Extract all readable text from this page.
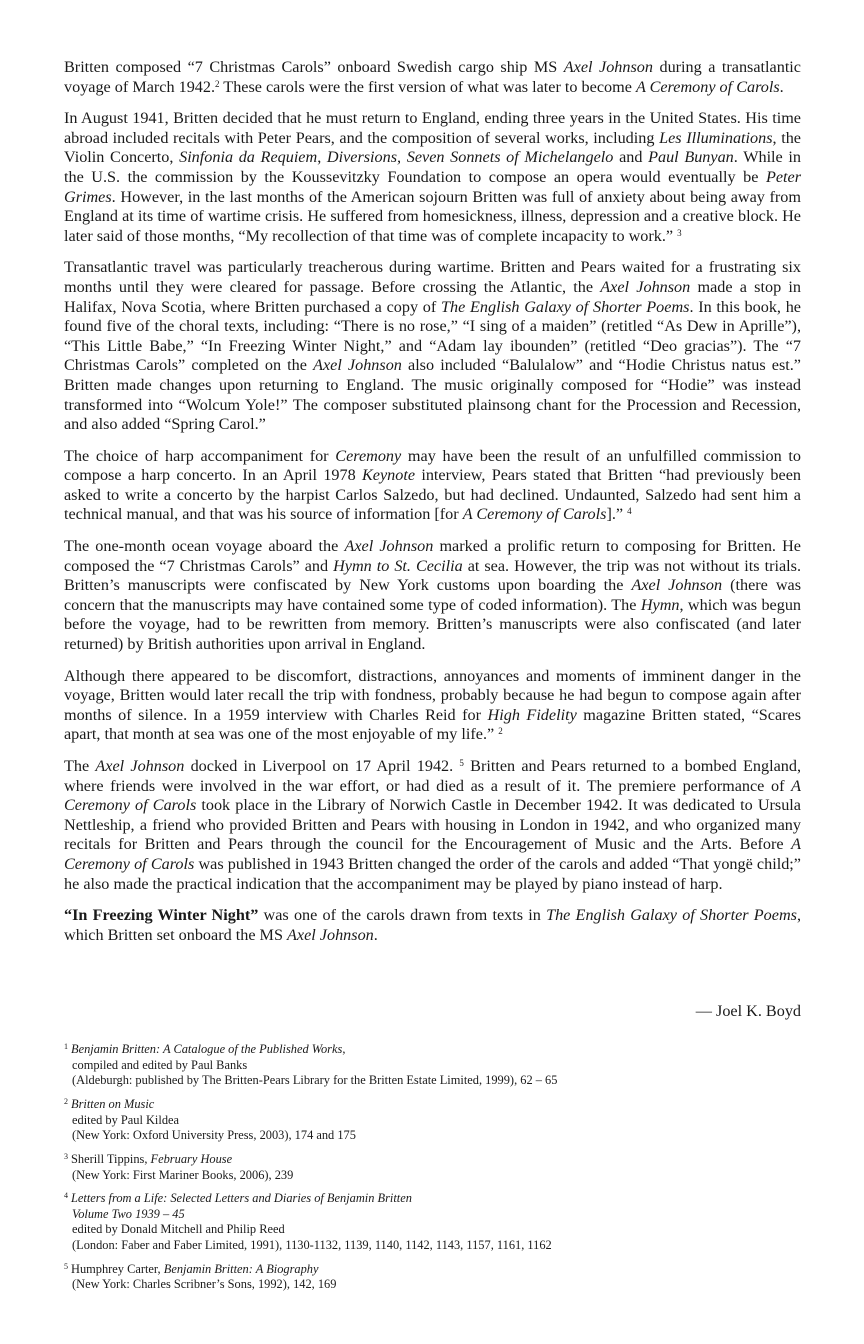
Britten composed “7 Christmas Carols” onboard Swedish cargo ship MS Axel Johnson during a transatlantic voyage of March 1942.$^2$ These carols were the first version of what was later to become A Ceremony of Carols.

In August 1941, Britten decided that he must return to England, ending three years in the United States. His time abroad included recitals with Peter Pears, and the composition of several works, including Les Illuminations, the Violin Concerto, Sinfonia da Requiem, Diversions, Seven Sonnets of Michelangelo and Paul Bunyan. While in the U.S. the commission by the Koussevitzky Foundation to compose an opera would eventually be Peter Grimes. However, in the last months of the American sojourn Britten was full of anxiety about being away from England at its time of wartime crisis. He suffered from homesickness, illness, depression and a creative block. He later said of those months, “My recollection of that time was of complete incapacity to work.” $^3$

Transatlantic travel was particularly treacherous during wartime. Britten and Pears waited for a frustrating six months until they were cleared for passage. Before crossing the Atlantic, the Axel Johnson made a stop in Halifax, Nova Scotia, where Britten purchased a copy of The English Galaxy of Shorter Poems. In this book, he found five of the choral texts, including: “There is no rose,” “I sing of a maiden” (retitled “As Dew in Aprille”), “This Little Babe,” “In Freezing Winter Night,” and “Adam lay ibounden” (retitled “Deo gracias”). The “7 Christmas Carols” completed on the Axel Johnson also included “Balulalow” and “Hodie Christus natus est.” Britten made changes upon returning to England. The music originally composed for “Hodie” was instead transformed into “Wolcum Yole!” The composer substituted plainsong chant for the Procession and Recession, and also added “Spring Carol.”

The choice of harp accompaniment for Ceremony may have been the result of an unfulfilled commission to compose a harp concerto. In an April 1978 Keynote interview, Pears stated that Britten “had previously been asked to write a concerto by the harpist Carlos Salzedo, but had declined. Undaunted, Salzedo had sent him a technical manual, and that was his source of information [for A Ceremony of Carols].” $^4$

The one-month ocean voyage aboard the Axel Johnson marked a prolific return to composing for Britten. He composed the “7 Christmas Carols” and Hymn to St. Cecilia at sea. However, the trip was not without its trials. Britten’s manuscripts were confiscated by New York customs upon boarding the Axel Johnson (there was concern that the manuscripts may have contained some type of coded information). The Hymn, which was begun before the voyage, had to be rewritten from memory. Britten’s manuscripts were also confiscated (and later returned) by British authorities upon arrival in England.

Although there appeared to be discomfort, distractions, annoyances and moments of imminent danger in the voyage, Britten would later recall the trip with fondness, probably because he had begun to compose again after months of silence. In a 1959 interview with Charles Reid for High Fidelity magazine Britten stated, “Scares apart, that month at sea was one of the most enjoyable of my life.” $^2$

The Axel Johnson docked in Liverpool on 17 April 1942. $^5$ Britten and Pears returned to a bombed England, where friends were involved in the war effort, or had died as a result of it. The premiere performance of A Ceremony of Carols took place in the Library of Norwich Castle in December 1942. It was dedicated to Ursula Nettleship, a friend who provided Britten and Pears with housing in London in 1942, and who organized many recitals for Britten and Pears through the council for the Encouragement of Music and the Arts. Before A Ceremony of Carols was published in 1943 Britten changed the order of the carols and added “That yongë child;” he also made the practical indication that the accompaniment may be played by piano instead of harp.

“In Freezing Winter Night” was one of the carols drawn from texts in The English Galaxy of Shorter Poems, which Britten set onboard the MS Axel Johnson.

— Joel K. Boyd
$^1$ Benjamin Britten: A Catalogue of the Published Works,
compiled and edited by Paul Banks
(Aldeburgh: published by The Britten-Pears Library for the Britten Estate Limited, 1999), 62 – 65
$^2$ Britten on Music
edited by Paul Kildea
(New York: Oxford University Press, 2003), 174 and 175
$^3$ Sherill Tippins, February House
(New York: First Mariner Books, 2006), 239
$^4$ Letters from a Life: Selected Letters and Diaries of Benjamin Britten
Volume Two 1939 – 45
edited by Donald Mitchell and Philip Reed
(London: Faber and Faber Limited, 1991), 1130-1132, 1139, 1140, 1142, 1143, 1157, 1161, 1162
$^5$ Humphrey Carter, Benjamin Britten: A Biography
(New York: Charles Scribner’s Sons, 1992), 142, 169
